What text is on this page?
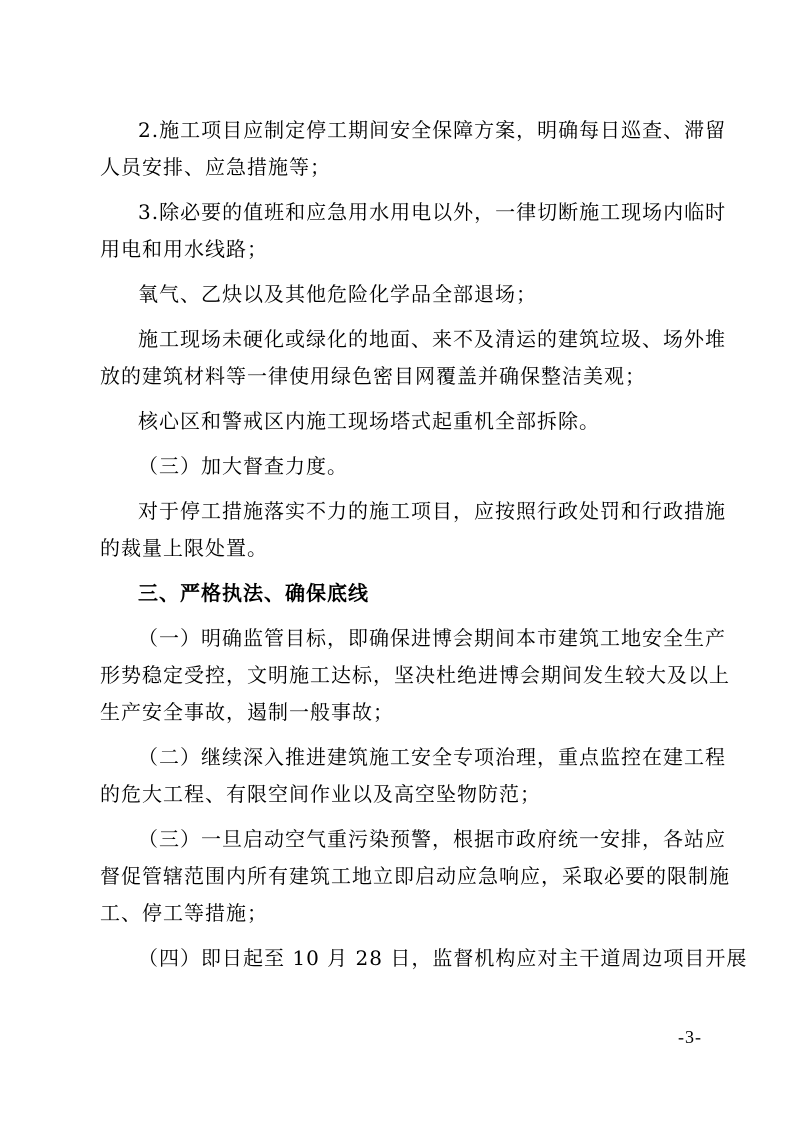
2.施工项目应制定停工期间安全保障方案，明确每日巡查、滞留
人员安排、应急措施等；

3.除必要的值班和应急用水用电以外，一律切断施工现场内临时
用电和用水线路；

氧气、乙炔以及其他危险化学品全部退场；

施工现场未硬化或绿化的地面、来不及清运的建筑垃圾、场外堆
放的建筑材料等一律使用绿色密目网覆盖并确保整洁美观；

核心区和警戒区内施工现场塔式起重机全部拆除。

（三）加大督查力度。

对于停工措施落实不力的施工项目，应按照行政处罚和行政措施
的裁量上限处置。

三、严格执法、确保底线

（一）明确监管目标，即确保进博会期间本市建筑工地安全生产
形势稳定受控，文明施工达标，坚决杜绝进博会期间发生较大及以上
生产安全事故，遏制一般事故；

（二）继续深入推进建筑施工安全专项治理，重点监控在建工程
的危大工程、有限空间作业以及高空坠物防范；

（三）一旦启动空气重污染预警，根据市政府统一安排，各站应
督促管辖范围内所有建筑工地立即启动应急响应，采取必要的限制施
工、停工等措施；

（四）即日起至 10 月 28 日，监督机构应对主干道周边项目开展

-3-
